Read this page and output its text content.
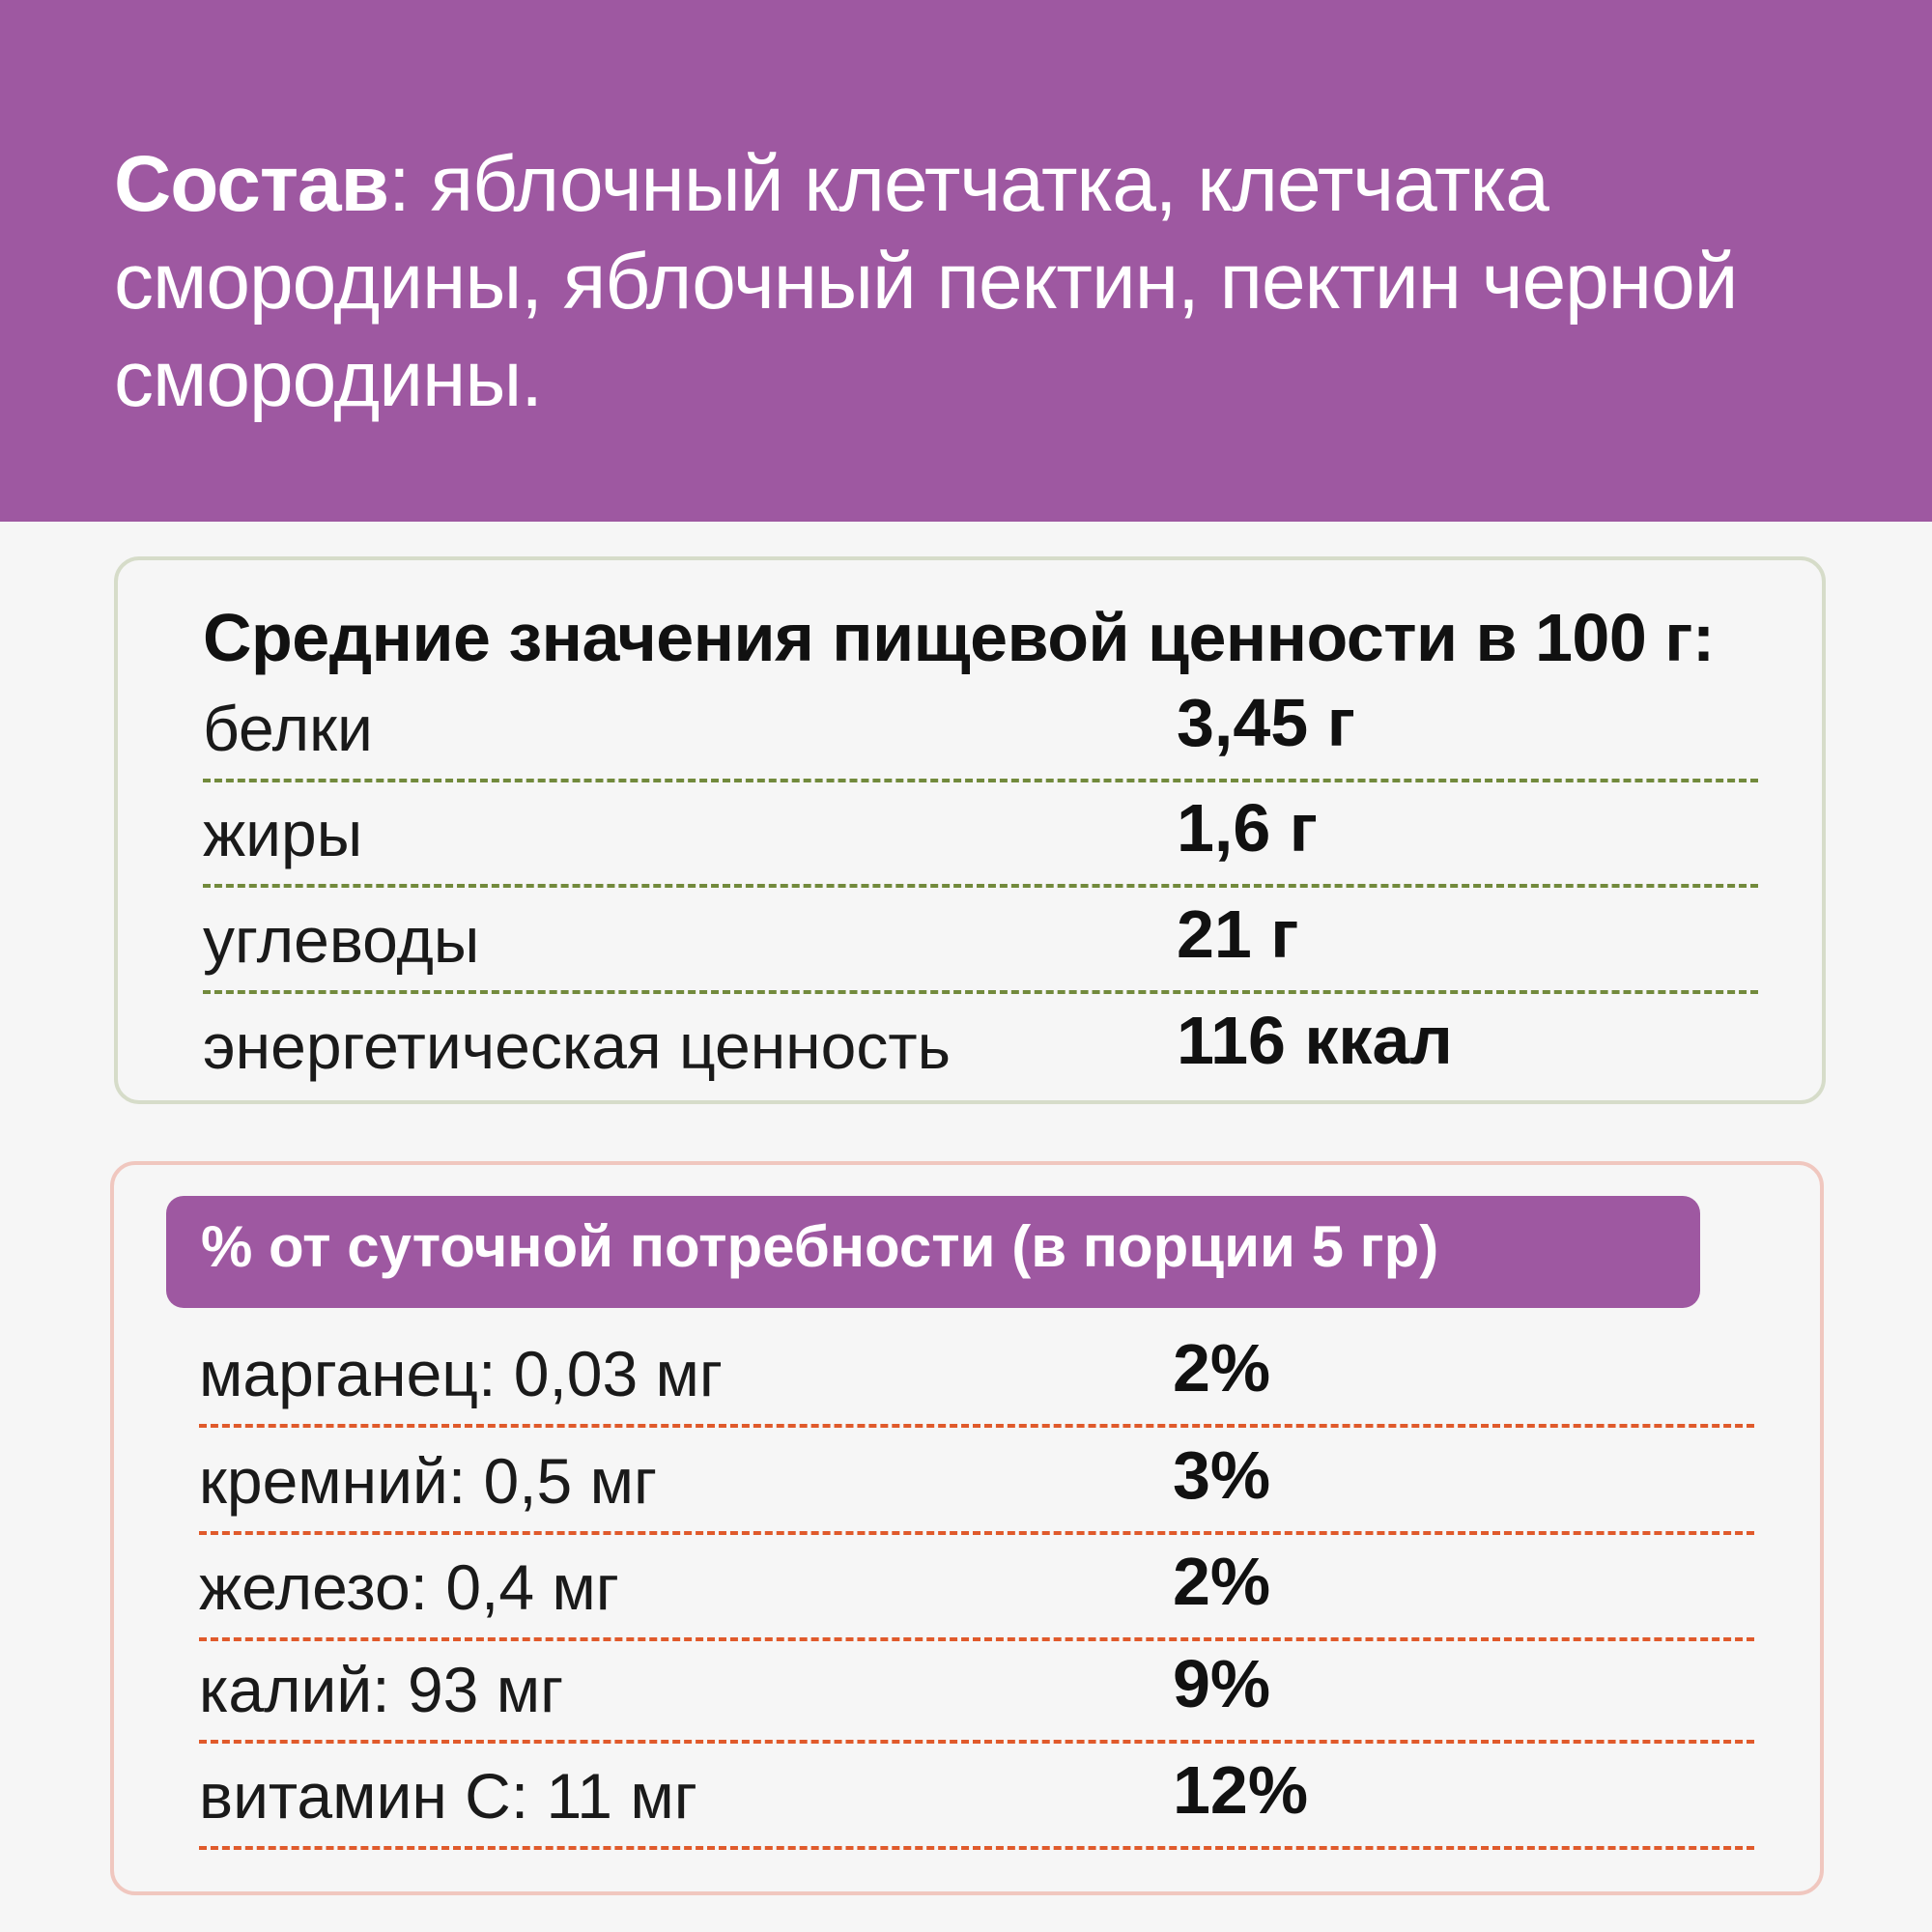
Состав: яблочный клетчатка, клетчатка смородины, яблочный пектин, пектин черной смородины.

Средние значения пищевой ценности в 100 г:
белки	3,45 г
жиры	1,6 г
углеводы	21 г
энергетическая ценность	116 ккал
% от суточной потребности (в порции 5 гр)
марганец: 0,03 мг	2%
кремний: 0,5 мг	3%
железо: 0,4 мг	2%
калий: 93 мг	9%
витамин С: 11 мг	12%
